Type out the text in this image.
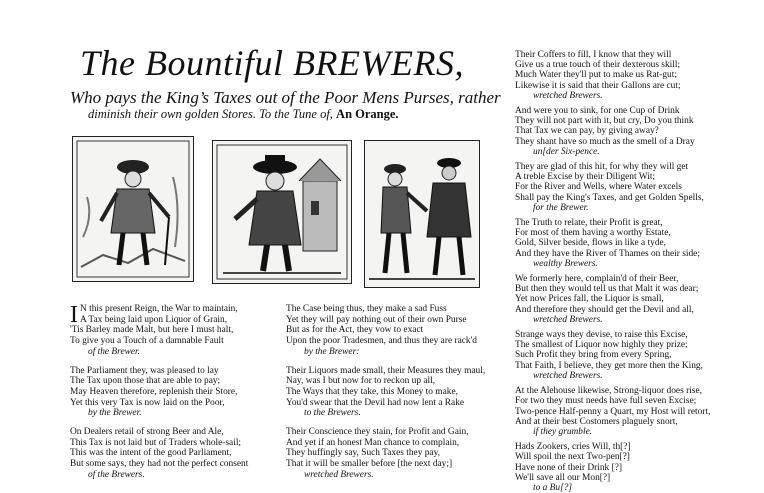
The Bountiful BREWERS,
Who pays the King’s Taxes out of the Poor Mens Purses, rather
diminish their own golden Stores. To the Tune of, An Orange.
I N this present Reign, the War to maintain,
A Tax being laid upon Liquor of Grain,
'Tis Barley made Malt, but here I must halt,
To give you a Touch of a damnable Fault
of the Brewer.
The Parliament they, was pleased to lay
The Tax upon those that are able to pay;
May Heaven therefore, replenish their Store,
Yet this very Tax is now laid on the Poor,
by the Brewer.
On Dealers retail of strong Beer and Ale,
This Tax is not laid but of Traders whole-sail;
This was the intent of the good Parliament,
But some says, they had not the perfect consent
of the Brewers.
The Case being thus, they make a sad Fuss
Yet they will pay nothing out of their own Purse
But as for the Act, they vow to exact
Upon the poor Tradesmen, and thus they are rack'd
by the Brewer:
Their Liquors made small, their Measures they maul,
Nay, was I but now for to reckon up all,
The Ways that they take, this Money to make,
You'd swear that the Devil had now lent a Rake
to the Brewers.
Their Conscience they stain, for Profit and Gain,
And yet if an honest Man chance to complain,
They huffingly say, Such Taxes they pay,
That it will be smaller before [the next day;]
wretched Brewers.
Their Coffers to fill, I know that they will
Give us a true touch of their dexterous skill;
Much Water they'll put to make us Rat-gut;
Likewise it is said that their Gallons are cut;
wretched Brewers.
And were you to sink, for one Cup of Drink
They will not part with it, but cry, Do you think
That Tax we can pay, by giving away?
They shant have so much as the smell of a Dray
un[der Six-pence.
They are glad of this hit, for why they will get
A treble Excise by their Diligent Wit;
For the River and Wells, where Water excels
Shall pay the King's Taxes, and get Golden Spells,
for the Brewer.
The Truth to relate, their Profit is great,
For most of them having a worthy Estate,
Gold, Silver beside, flows in like a tyde,
And they have the River of Thames on their side;
wealthy Brewers.
We formerly here, complain'd of their Beer,
But then they would tell us that Malt it was dear;
Yet now Prices fall, the Liquor is small,
And therefore they should get the Devil and all,
wretched Brewers.
Strange ways they devise, to raise this Excise,
The smallest of Liquor now highly they prize;
Such Profit they bring from every Spring,
That Faith, I believe, they get more then the King,
wretched Brewers.
At the Alehouse likewise, Strong-liquor does rise,
For two they must needs have full seven Excise;
Two-pence Half-penny a Quart, my Host will retort,
And at their best Costomers plaguely snort,
if they grumble.
Hads Zookers, cries Will, th[?]
Will spoil the next Two-pen[?]
Have none of their Drink [?]
We'll save all our Mon[?]
to a Bu[?]
